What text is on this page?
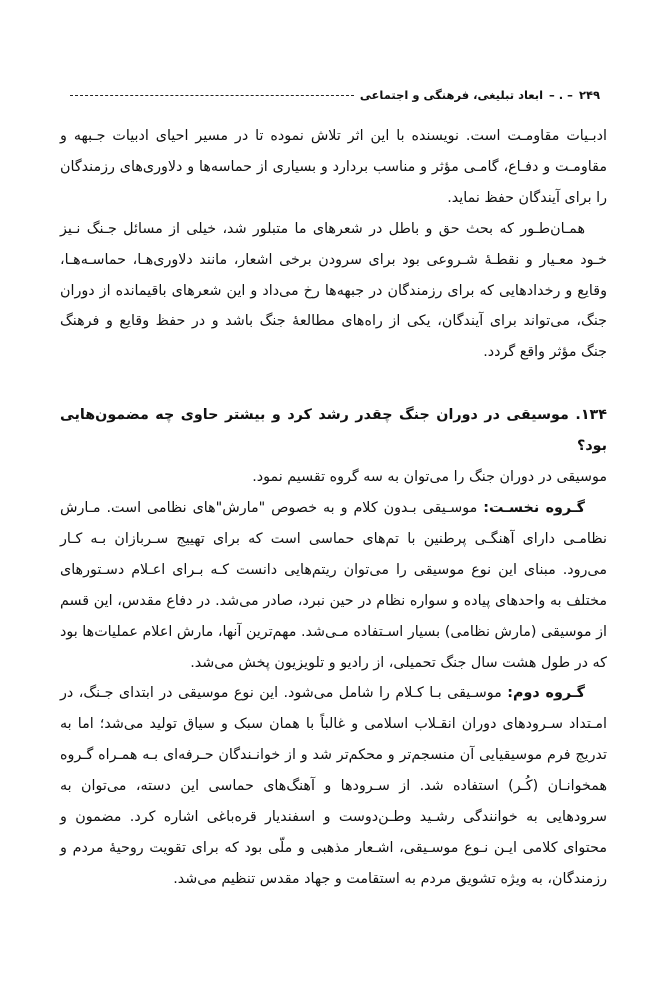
۲۴۹
– . –
ابعاد تبلیغی، فرهنگی و اجتماعی

ادبـیات مقاومـت است. نویسنده با این اثر تلاش نموده تا در مسیر احیای ادبیات جـبهه و مقاومـت و دفـاع، گامـی مؤثر و مناسب بردارد و بسیاری از حماسه‌ها و دلاوری‌های رزمندگان را برای آیندگان حفظ نماید.

همـان‌طـور که بحث حق و باطل در شعرهای ما متبلور شد، خیلی از مسائل جـنگ نـیز خـود معـیار و نقطـۀ شـروعی بود برای سرودن برخی اشعار، مانند دلاوری‌هـا، حماسـه‌هـا، وقایع و رخدادهایی که برای رزمندگان در جبهه‌ها رخ می‌داد و این شعرهای باقیمانده از دوران جنگ، می‌تواند برای آیندگان، یکی از راه‌های مطالعۀ جنگ باشد و در حفظ وقایع و فرهنگ جنگ مؤثر واقع گردد.

۱۳۴. موسیقی در دوران جنگ چقدر رشد کرد و بیشتر حاوی چه مضمون‌هایی بود؟

موسیقی در دوران جنگ را می‌توان به سه گروه تقسیم نمود.

گـروه نخسـت: موسـیقی بـدون کلام و به خصوص "مارش"های نظامی است. مـارش نظامـی دارای آهنگـی پرطنین با تم‌های حماسی است که برای تهییج سـربازان بـه کـار می‌رود. مبنای این نوع موسیقی را می‌توان ریتم‌هایی دانست کـه بـرای اعـلام دسـتورهای مختلف به واحدهای پیاده و سواره نظام در حین نبرد، صادر می‌شد. در دفاع مقدس، این قسم از موسیقی (مارش نظامی) بسیار اسـتفاده مـی‌شد. مهم‌ترین آنها، مارش اعلام عملیات‌ها بود که در طول هشت سال جنگ تحمیلی، از رادیو و تلویزیون پخش می‌شد.

گـروه دوم: موسـیقی بـا کـلام را شامل می‌شود. این نوع موسیقی در ابتدای جـنگ، در امـتداد سـرودهای دوران انقـلاب اسلامی و غالباً با همان سبک و سیاق تولید می‌شد؛ اما به تدریج فرم موسیقیایی آن منسجم‌تر و محکم‌تر شد و از خوانـندگان حـرفه‌ای بـه همـراه گـروه همخوانـان (کُـر) استفاده شد. از سـرودها و آهنگ‌های حماسی این دسته، می‌توان به سرودهایی به خوانندگی رشـید وطـن‌دوست و اسفندیار قره‌باغی اشاره کرد. مضمون و محتوای کلامی ایـن نـوع موسـیقی، اشـعار مذهبی و ملّی بود که برای تقویت روحیۀ مردم و رزمندگان، به ویژه تشویق مردم به استقامت و جهاد مقدس تنظیم می‌شد.
